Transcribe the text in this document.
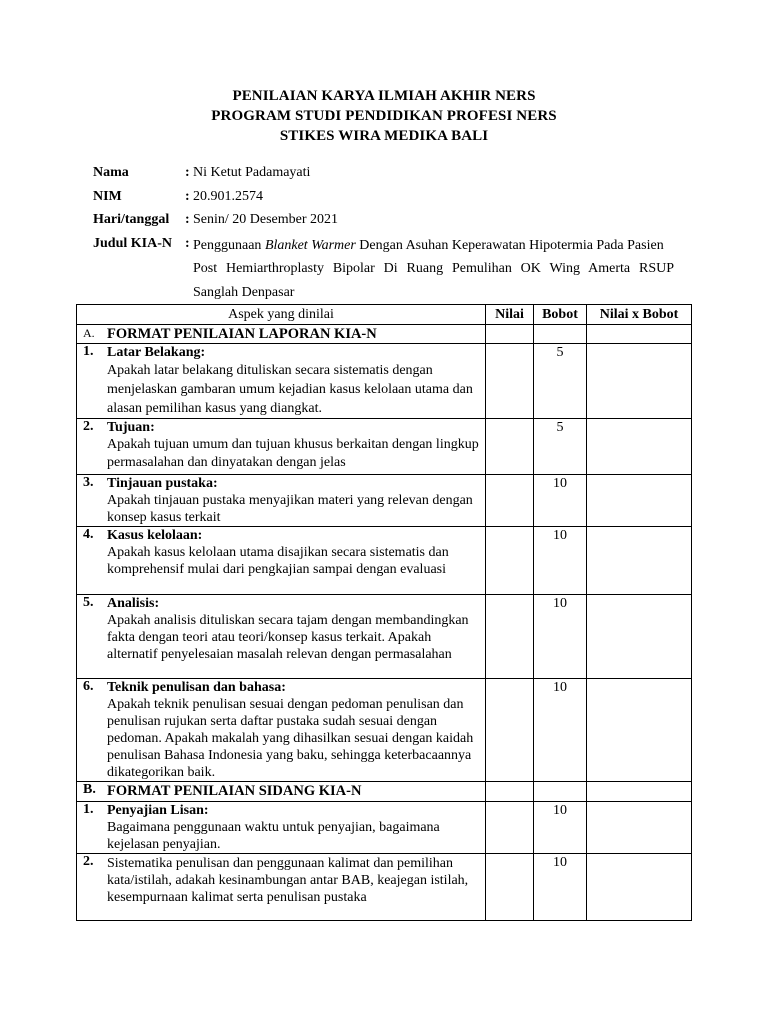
PENILAIAN KARYA ILMIAH AKHIR NERS
PROGRAM STUDI PENDIDIKAN PROFESI NERS
STIKES WIRA MEDIKA BALI
Nama	: Ni Ketut Padamayati
NIM	: 20.901.2574
Hari/tanggal : Senin/ 20 Desember 2021
Judul KIA-N : Penggunaan Blanket Warmer Dengan Asuhan Keperawatan Hipotermia Pada Pasien
Post Hemiarthroplasty Bipolar Di Ruang Pemulihan OK Wing Amerta RSUP
Sanglah Denpasar
Aspek yang dinilai	Nilai	Bobot	Nilai x Bobot

A. FORMAT PENILAIAN LAPORAN KIA-N			

1. Latar Belakang:
Apakah latar belakang dituliskan secara sistematis dengan menjelaskan gambaran umum kejadian kasus kelolaan utama dan alasan pemilihan kasus yang diangkat.		5	

2. Tujuan:
Apakah tujuan umum dan tujuan khusus berkaitan dengan lingkup permasalahan dan dinyatakan dengan jelas		5	

3. Tinjauan pustaka:
Apakah tinjauan pustaka menyajikan materi yang relevan dengan konsep kasus terkait		10	

4. Kasus kelolaan:
Apakah kasus kelolaan utama disajikan secara sistematis dan komprehensif mulai dari pengkajian sampai dengan evaluasi		10	

5. Analisis:
Apakah analisis dituliskan secara tajam dengan membandingkan fakta dengan teori atau teori/konsep kasus terkait. Apakah alternatif penyelesaian masalah relevan dengan permasalahan		10	

6. Teknik penulisan dan bahasa:
Apakah teknik penulisan sesuai dengan pedoman penulisan dan penulisan rujukan serta daftar pustaka sudah sesuai dengan pedoman. Apakah makalah yang dihasilkan sesuai dengan kaidah penulisan Bahasa Indonesia yang baku, sehingga keterbacaannya dikategorikan baik.		10	

B. FORMAT PENILAIAN SIDANG KIA-N			

1. Penyajian Lisan:
Bagaimana penggunaan waktu untuk penyajian, bagaimana kejelasan penyajian.		10	

2. Sistematika penulisan dan penggunaan kalimat dan pemilihan kata/istilah, adakah kesinambungan antar BAB, keajegan istilah, kesempurnaan kalimat serta penulisan pustaka		10	
